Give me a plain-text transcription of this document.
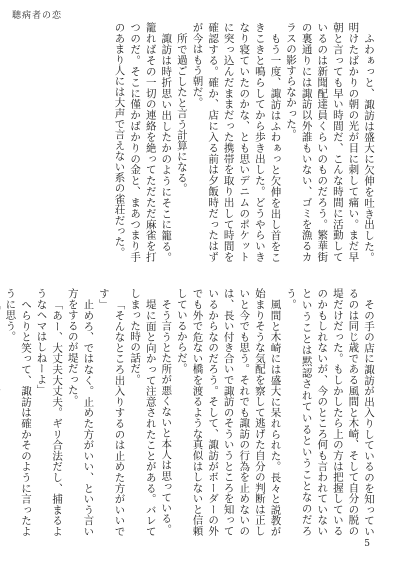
聴病者の恋

ふわぁっと、諏訪は盛大に欠伸を吐き出した。明けたばかりの朝の光が目に刺して痛い。まだ早朝と言っても早い時間だ、こんな時間に活動しているのは新聞配達員くらいのものだろう。繁華街の裏通りには諏訪以外誰もいない、ゴミを漁るカラスの影すらなかった。

もう一度、諏訪はふわぁっと欠伸を出し首をこきこきと鳴らしてから歩き出した。どうやらいきなり寝ていたのかな、とも思いデニムのポケットに突っ込んだままだった携帯を取り出して時間を確認する。確か、店に入る前は夕飯時だったはずが今はもう朝だ。

所で過ごしたと言う計算になる。

諏訪は時折思い出したかのようにそこに籠る。籠ればその一切の連絡を絶ってただただ麻雀を打つのだ。そこに僅かばかりの金と、まあつまり手のあまり人には大声で言えない系の雀荘だった。

その手の店に諏訪が出入りしているのを知っているのは同じ歳である風間と木崎、そして自分の脱の堤だけだった。もしかしたら上の方は把握しているのかもしれないが、今のところ何も言われていないということは黙認されているということなのだろう。

風間と木崎には盛大に呆れられた。長々と説教が始まりそうな気配を察して逃げた自分の判断は正しいと今でも思う。それでも諏訪の行為を止めないのは、長い付き合いで諏訪のそういうところを知っているからなのだろう。そして、諏訪がボーダーの外でも外で危ない橋を渡るような真似はしないと信頼しているからだ。

そう言うとた所が悪くないと本人は思っている。

堤に面と向かって注意されたことがある。バレてしまった時の話だ。

「そんなところ出入りするのは止めた方がいいです」

止めろ、ではなく。止めた方がいい、という言い方をするのが堤だった。

「あー、大丈夫大丈夫。ギリ合法だし、捕まるようなヘマはしねーよ」

へらりと笑って、諏訪は確かそのように言ったように思う。

5
